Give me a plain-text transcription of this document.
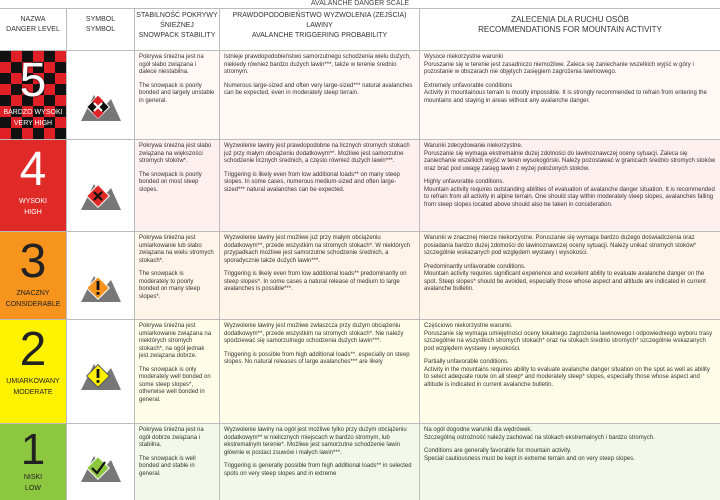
AVALANCHE DANGER SCALE
NAZWA
DANGER LEVEL
SYMBOL
SYMBOL
STABILNOŚĆ POKRYWY
ŚNIEŻNEJ
SNOWPACK STABILITY
PRAWDOPODOBIEŃSTWO WYZWOLENIA (ZEJŚCIA)
LAWINY
AVALANCHE TRIGGERING PROBABILITY
ZALECENIA DLA RUCHU OSÓB
RECOMMENDATIONS FOR MOUNTAIN ACTIVITY
5
BARDZO WYSOKI
VERY HIGH

Pokrywa śnieżna jest na ogół słabo związana i dalece niestabilna.

The snowpack is poorly bonded and largely unstable in general.

Istnieje prawdopodobieństwo samorzutnego schodzenia wielu dużych, niekiedy również bardzo dużych lawin***, także w terenie średnio stromym.

Numerous large-sized and often very large-sized*** natural avalanches can be expected, even in moderately steep terrain.

Wysoce niekorzystne warunki

Poruszanie się w terenie jest zasadniczo niemożliwe. Zaleca się zaniechanie wszelkich wyjść w góry i pozostanie w obszarach nie objętych zasięgiem zagrożenia lawinowego.

Extremely unfavorable conditions

Activity in mountainous terrain is mostly impossible. It is strongly recommended to refrain from entering the mountains and staying in areas without any avalanche danger.

4
WYSOKI
HIGH

Pokrywa śnieżna jest słabo związana na większości stromych stoków*.

The snowpack is poorly bonded on most steep slopes.

Wyzwolenie lawiny jest prawdopodobne na licznych stromych stokach już przy małym obciążeniu dodatkowym**. Możliwe jest samorzutne schodzenie licznych średnich, a często również dużych lawin***.

Triggering is likely even from low additional loads** on many steep slopes. In some cases, numerous medium-sized and often large-sized*** natural avalanches can be expected.

Warunki zdecydowanie niekorzystne.

Poruszanie się wymaga ekstremalnie dużej zdolności do lawinoznawczej oceny sytuacji. Zaleca się zaniechanie wszelkich wyjść w teren wysokogórski. Należy pozostawać w granicach średnio stromych stoków oraz brać pod uwagę zasięg lawin z wyżej położonych stoków.

Highly unfavorable conditions.

Mountain activity requires outstanding abilities of evaluation of avalanche danger situation. It is recommended to refrain from all activity in alpine terrain. One should stay within moderately steep slopes, avalanches falling from steep slopes located above should also be taken in consideration.

3
ZNACZNY
CONSIDERABLE

Pokrywa śnieżna jest umiarkowanie lub słabo związana na wielu stromych stokach*.

The snowpack is moderately to poorly bonded on many steep slopes*.

Wyzwolenie lawiny jest możliwe już przy małym obciążeniu dodatkowym**, przede wszystkim na stromych stokach*. W niektórych przypadkach możliwe jest samorzutne schodzenie średnich, a sporadycznie także dużych lawin***.

Triggering is likely even from low additional loads** predominantly on steep slopes*. In some cases a natural release of medium to large avalanches is possible***.

Warunki w znacznej mierze niekorzystne. Poruszanie się wymaga bardzo dużego doświadczenia oraz posiadania bardzo dużej zdolności do lawinoznawczej oceny sytuacji. Należy unikać stromych stoków* szczególnie wskazanych pod względem wystawy i wysokości.
Predominantly unfavorable conditions.

Mountain activity requires significant experience and excellent ability to evaluate avalanche danger on the spot. Steep slopes* should be avoided, especially those whose aspect and altitude are indicated in current avalanche bulletin.

2
UMIARKOWANY
MODERATE

Pokrywa śnieżna jest umiarkowanie związana na niektórych stromych stokach*, na ogół jednak jest związana dobrze.

The snowpack is only moderately well bonded on some steep slopes*, otherwise well bonded in general.

Wyzwolenie lawiny jest możliwe zwłaszcza przy dużym obciążeniu dodatkowym**, przede wszystkim na stromych stokach*. Nie należy spodziewać się samorzutnego schodzenia dużych lawin***.

Triggering is possible from high additional loads**, especially on steep slopes. No natural releases of large avalanches*** are likely

Częściowo niekorzystne warunki.

Poruszanie się wymaga umiejętności oceny lokalnego zagrożenia lawinowego i odpowiedniego wyboru trasy szczególnie na wszystkich stromych stokach* oraz na stokach średnio stromych* szczególnie wskazanych pod względem wystawy i wysokości.

Partially unfavorable conditions.

Activity in the mountains requires ability to evaluate avalanche danger situation on the spot as well as ability to select adequate route on all steep* and moderately steep* slopes, especially those whose aspect and altitude is indicated in current avalanche bulletin.

1
NISKI
LOW

Pokrywa śnieżna jest na ogół dobrze związana i stabilna.

The snowpack is well bonded and stable in general.

Wyzwolenie lawiny na ogół jest możliwe tylko przy dużym obciążeniu dodatkowym** w nielicznych miejscach w bardzo stromym, lub ekstremalnym terenie*. Możliwe jest samorzutne schodzenie lawin głównie w postaci zsuwów i małych lawin***.

Triggering is generally possible from high additional loads** in selected spots on very steep slopes and in extreme

Na ogół dogodne warunki dla wędrówek.

Szczególną ostrożność należy zachować na stokach ekstremalnych i bardzo stromych.

Conditions are generally favorable for mountain activity.

Special cautiousness must be kept in extreme terrain and on very steep slopes.
